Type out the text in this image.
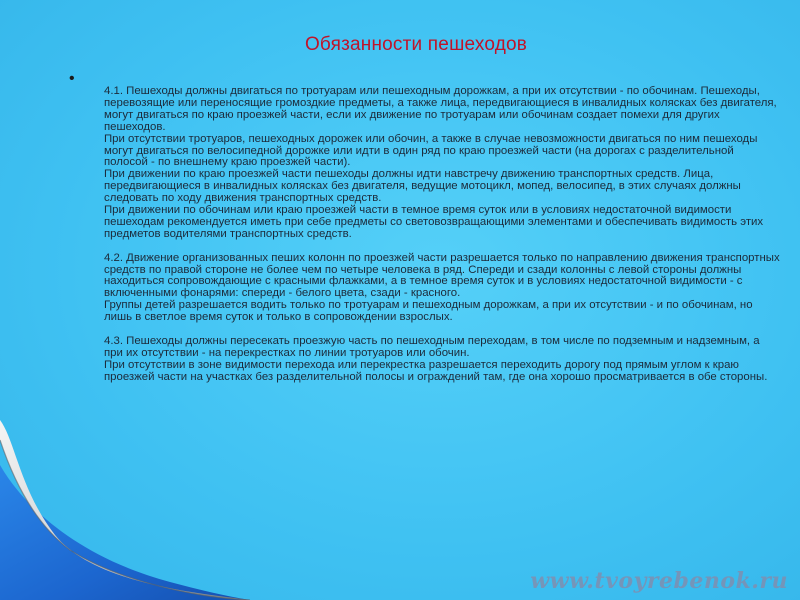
Обязанности пешеходов
•

4.1. Пешеходы должны двигаться по тротуарам или пешеходным дорожкам, а при их отсутствии - по обочинам. Пешеходы, перевозящие или переносящие громоздкие предметы, а также лица, передвигающиеся в инвалидных колясках без двигателя, могут двигаться по краю проезжей части, если их движение по тротуарам или обочинам создает помехи для других пешеходов.

При отсутствии тротуаров, пешеходных дорожек или обочин, а также в случае невозможности двигаться по ним пешеходы могут двигаться по велосипедной дорожке или идти в один ряд по краю проезжей части (на дорогах с разделительной полосой - по внешнему краю проезжей части).

При движении по краю проезжей части пешеходы должны идти навстречу движению транспортных средств. Лица, передвигающиеся в инвалидных колясках без двигателя, ведущие мотоцикл, мопед, велосипед, в этих случаях должны следовать по ходу движения транспортных средств.

При движении по обочинам или краю проезжей части в темное время суток или в условиях недостаточной видимости пешеходам рекомендуется иметь при себе предметы со световозвращающими элементами и обеспечивать видимость этих предметов водителями транспортных средств.

4.2. Движение организованных пеших колонн по проезжей части разрешается только по направлению движения транспортных средств по правой стороне не более чем по четыре человека в ряд. Спереди и сзади колонны с левой стороны должны находиться сопровождающие с красными флажками, а в темное время суток и в условиях недостаточной видимости - с включенными фонарями: спереди - белого цвета, сзади - красного.

Группы детей разрешается водить только по тротуарам и пешеходным дорожкам, а при их отсутствии - и по обочинам, но лишь в светлое время суток и только в сопровождении взрослых.

4.3. Пешеходы должны пересекать проезжую часть по пешеходным переходам, в том числе по подземным и надземным, а при их отсутствии - на перекрестках по линии тротуаров или обочин.

При отсутствии в зоне видимости перехода или перекрестка разрешается переходить дорогу под прямым углом к краю проезжей части на участках без разделительной полосы и ограждений там, где она хорошо просматривается в обе стороны.

www.tvoyrebenok.ru
